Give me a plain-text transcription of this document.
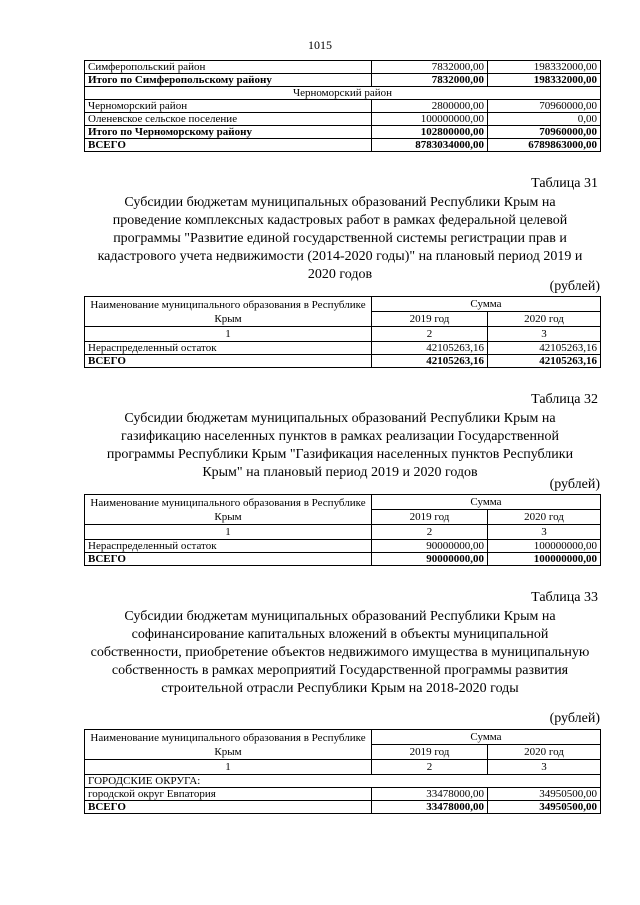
1015
Симферопольский район	7832000,00	198332000,00
Итого по Симферопольскому району	7832000,00	198332000,00
Черноморский район		
Черноморский район	2800000,00	70960000,00
Оленевское сельское поселение	100000000,00	0,00
Итого по Черноморскому району	102800000,00	70960000,00
ВСЕГО	8783034000,00	6789863000,00
Таблица 31
Субсидии бюджетам муниципальных образований Республики Крым на проведение комплексных кадастровых работ в рамках федеральной целевой программы "Развитие единой государственной системы регистрации прав и кадастрового учета недвижимости (2014-2020 годы)" на плановый период 2019 и 2020 годов
(рублей)
Наименование муниципального образования в Республике Крым	Сумма	
	2019 год	2020 год
1	2	3
Нераспределенный остаток	42105263,16	42105263,16
ВСЕГО	42105263,16	42105263,16
Таблица 32
Субсидии бюджетам муниципальных образований Республики Крым на газификацию населенных пунктов в рамках реализации Государственной программы Республики Крым "Газификация населенных пунктов Республики Крым" на плановый период 2019 и 2020 годов
(рублей)
Наименование муниципального образования в Республике Крым	Сумма	
	2019 год	2020 год
1	2	3
Нераспределенный остаток	90000000,00	100000000,00
ВСЕГО	90000000,00	100000000,00
Таблица 33
Субсидии бюджетам муниципальных образований Республики Крым на софинансирование капитальных вложений в объекты муниципальной собственности, приобретение объектов недвижимого имущества в муниципальную собственность в рамках мероприятий Государственной программы развития строительной отрасли Республики Крым на 2018-2020 годы
(рублей)
Наименование муниципального образования в Республике Крым	Сумма	
	2019 год	2020 год
1	2	3
ГОРОДСКИЕ ОКРУГА:		
городской округ Евпатория	33478000,00	34950500,00
ВСЕГО	33478000,00	34950500,00
